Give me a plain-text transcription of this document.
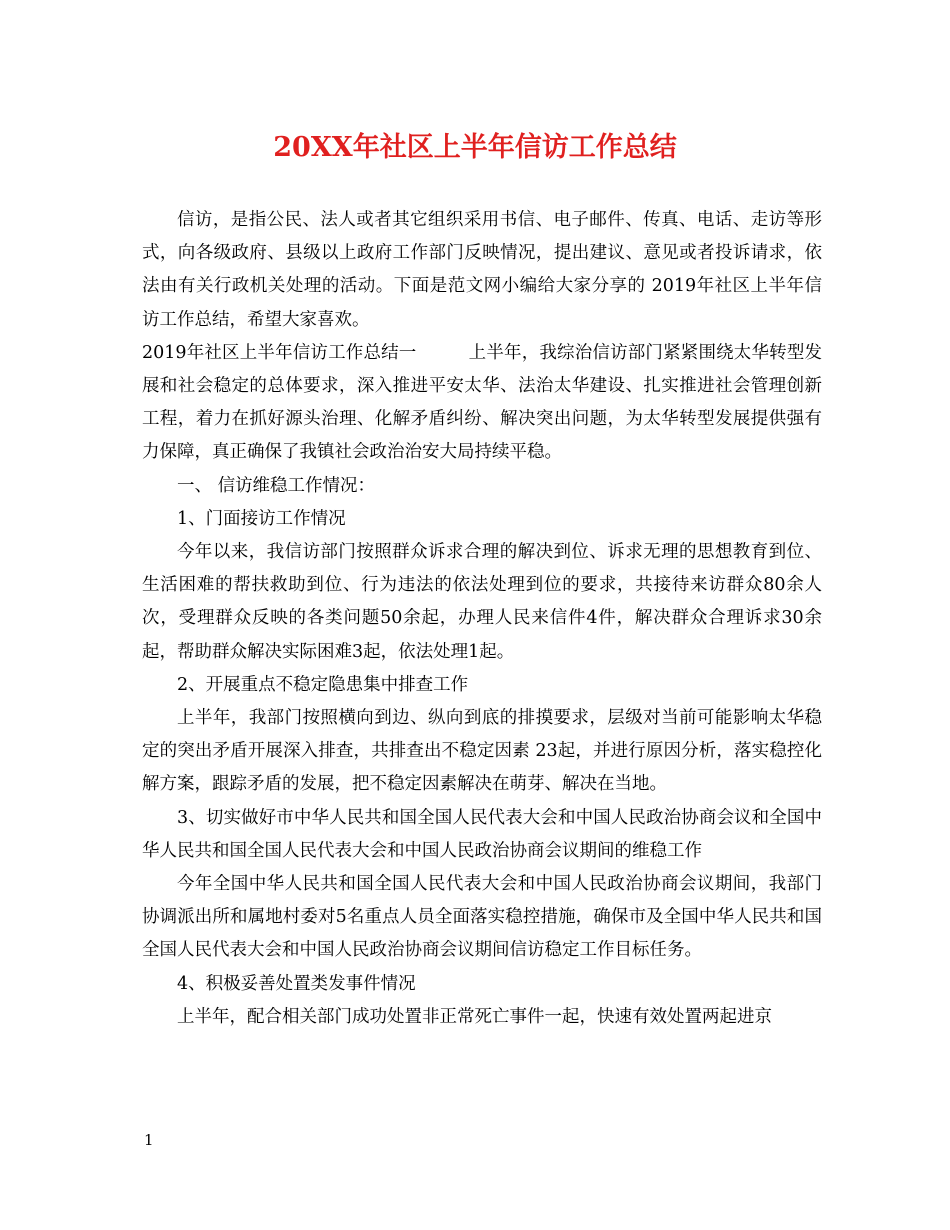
20XX年社区上半年信访工作总结

信访，是指公民、法人或者其它组织采用书信、电子邮件、传真、电话、走访等形式，向各级政府、县级以上政府工作部门反映情况，提出建议、意见或者投诉请求，依法由有关行政机关处理的活动。下面是范文网小编给大家分享的 2019年社区上半年信访工作总结，希望大家喜欢。

2019年社区上半年信访工作总结一	上半年，我综治信访部门紧紧围绕太华转型发展和社会稳定的总体要求，深入推进平安太华、法治太华建设、扎实推进社会管理创新工程，着力在抓好源头治理、化解矛盾纠纷、解决突出问题，为太华转型发展提供强有力保障，真正确保了我镇社会政治治安大局持续平稳。

一、 信访维稳工作情况：

1、门面接访工作情况

今年以来，我信访部门按照群众诉求合理的解决到位、诉求无理的思想教育到位、生活困难的帮扶救助到位、行为违法的依法处理到位的要求，共接待来访群众80余人次，受理群众反映的各类问题50余起，办理人民来信件4件，解决群众合理诉求30余起，帮助群众解决实际困难3起，依法处理1起。

2、开展重点不稳定隐患集中排查工作

上半年，我部门按照横向到边、纵向到底的排摸要求，层级对当前可能影响太华稳定的突出矛盾开展深入排查，共排查出不稳定因素 23起，并进行原因分析，落实稳控化解方案，跟踪矛盾的发展，把不稳定因素解决在萌芽、解决在当地。

3、切实做好市中华人民共和国全国人民代表大会和中国人民政治协商会议和全国中华人民共和国全国人民代表大会和中国人民政治协商会议期间的维稳工作

今年全国中华人民共和国全国人民代表大会和中国人民政治协商会议期间，我部门协调派出所和属地村委对5名重点人员全面落实稳控措施，确保市及全国中华人民共和国全国人民代表大会和中国人民政治协商会议期间信访稳定工作目标任务。

4、积极妥善处置类发事件情况

上半年，配合相关部门成功处置非正常死亡事件一起，快速有效处置两起进京

1
